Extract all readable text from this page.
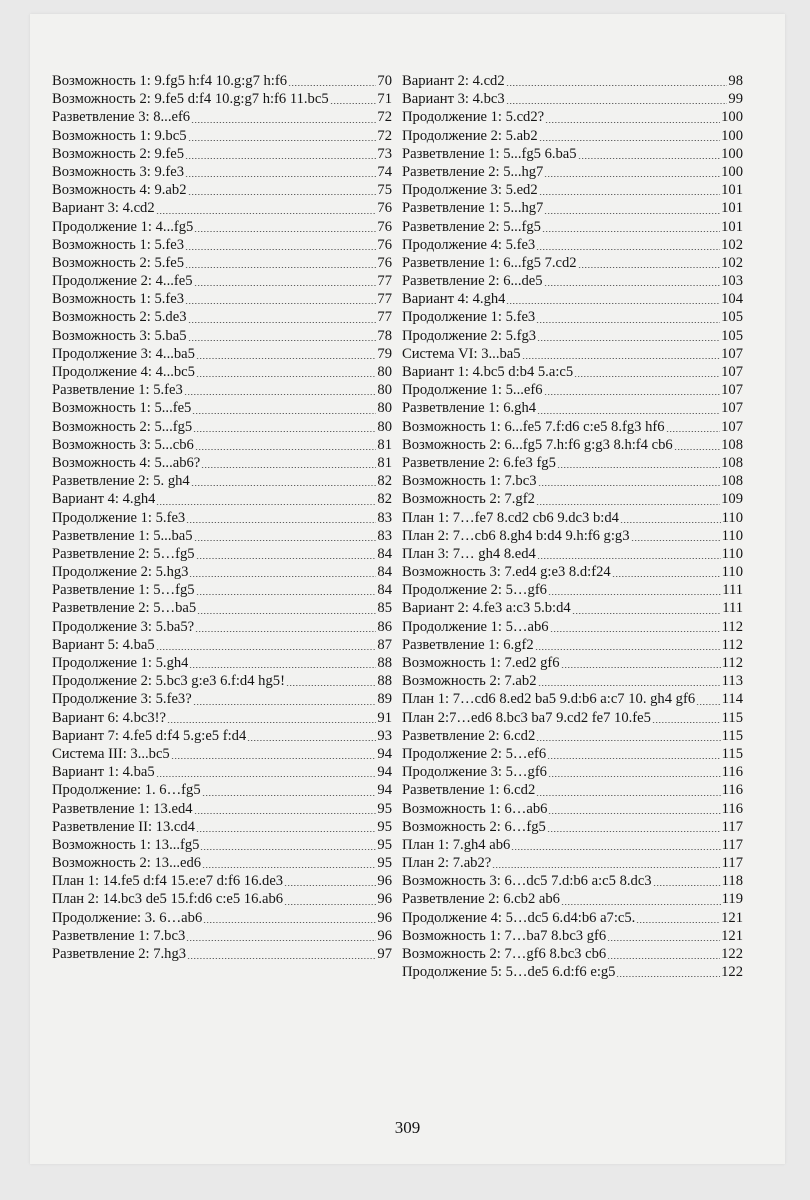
Возможность 1: 9.fg5 h:f4 10.g:g7 h:f6	70
Возможность 2: 9.fe5 d:f4 10.g:g7 h:f6 11.bc5	71
Разветвление 3: 8...ef6	72
Возможность 1: 9.bc5	72
Возможность 2: 9.fe5	73
Возможность 3: 9.fe3	74
Возможность 4: 9.ab2	75
Вариант 3: 4.cd2	76
Продолжение 1: 4...fg5	76
Возможность 1: 5.fe3	76
Возможность 2: 5.fe5	76
Продолжение 2: 4...fe5	77
Возможность 1: 5.fe3	77
Возможность 2: 5.de3	77
Возможность 3: 5.ba5	78
Продолжение 3: 4...ba5	79
Продолжение 4: 4...bc5	80
Разветвление 1: 5.fe3	80
Возможность 1: 5...fe5	80
Возможность 2: 5...fg5	80
Возможность 3: 5...cb6	81
Возможность 4: 5...ab6?	81
Разветвление 2: 5. gh4	82
Вариант 4: 4.gh4	82
Продолжение 1: 5.fe3	83
Разветвление 1: 5...ba5	83
Разветвление 2: 5…fg5	84
Продолжение 2: 5.hg3	84
Разветвление 1: 5…fg5	84
Разветвление 2: 5…ba5	85
Продолжение 3: 5.ba5?	86
Вариант 5: 4.ba5	87
Продолжение 1: 5.gh4	88
Продолжение 2: 5.bc3 g:e3 6.f:d4 hg5!	88
Продолжение 3: 5.fe3?	89
Вариант 6: 4.bc3!?	91
Вариант 7: 4.fe5 d:f4 5.g:e5 f:d4	93
Система III: 3...bc5	94
Вариант 1: 4.ba5	94
Продолжение: 1. 6…fg5	94
Разветвление 1: 13.ed4	95
Разветвление II: 13.cd4	95
Возможность 1: 13...fg5	95
Возможность 2: 13...ed6	95
План 1: 14.fe5 d:f4 15.e:e7 d:f6 16.de3	96
План 2: 14.bc3 de5 15.f:d6 c:e5 16.ab6	96
Продолжение: 3. 6…ab6	96
Разветвление 1: 7.bc3	96
Разветвление 2: 7.hg3	97
Вариант 2: 4.cd2	98
Вариант 3: 4.bc3	99
Продолжение 1: 5.cd2?	100
Продолжение 2: 5.ab2	100
Разветвление 1: 5...fg5 6.ba5	100
Разветвление 2: 5...hg7	100
Продолжение 3: 5.ed2	101
Разветвление 1: 5...hg7	101
Разветвление 2: 5...fg5	101
Продолжение 4: 5.fe3	102
Разветвление 1: 6...fg5 7.cd2	102
Разветвление 2: 6...de5	103
Вариант 4: 4.gh4	104
Продолжение 1: 5.fe3	105
Продолжение 2: 5.fg3	105
Система VI: 3...ba5	107
Вариант 1: 4.bc5 d:b4 5.a:c5	107
Продолжение 1: 5...ef6	107
Разветвление 1: 6.gh4	107
Возможность 1: 6...fe5 7.f:d6 c:e5 8.fg3 hf6	107
Возможность 2: 6...fg5 7.h:f6 g:g3 8.h:f4 cb6	108
Разветвление 2: 6.fe3 fg5	108
Возможность 1: 7.bc3	108
Возможность 2: 7.gf2	109
План 1: 7…fe7 8.cd2 cb6 9.dc3 b:d4	110
План 2: 7…cb6 8.gh4 b:d4 9.h:f6 g:g3	110
План 3: 7… gh4 8.ed4	110
Возможность 3: 7.ed4 g:e3 8.d:f24	110
Продолжение 2: 5…gf6	111
Вариант 2: 4.fe3 a:c3 5.b:d4	111
Продолжение 1: 5…ab6	112
Разветвление 1: 6.gf2	112
Возможность 1: 7.ed2 gf6	112
Возможность 2: 7.ab2	113
План 1: 7…cd6 8.ed2 ba5 9.d:b6 a:c7 10. gh4 gf6 114
План 2:7…ed6 8.bc3 ba7 9.cd2 fe7 10.fe5	115
Разветвление 2: 6.cd2	115
Продолжение 2: 5…ef6	115
Продолжение 3: 5…gf6	116
Разветвление 1: 6.cd2	116
Возможность 1: 6…ab6	116
Возможность 2: 6…fg5	117
План 1: 7.gh4 ab6	117
План 2: 7.ab2?	117
Возможность 3: 6…dc5 7.d:b6 a:c5 8.dc3	118
Разветвление 2: 6.cb2 ab6	119
Продолжение 4: 5…dc5 6.d4:b6 a7:c5.	121
Возможность 1: 7…ba7 8.bc3 gf6	121
Возможность 2: 7…gf6 8.bc3 cb6	122
Продолжение 5: 5…de5 6.d:f6 e:g5	122
309
